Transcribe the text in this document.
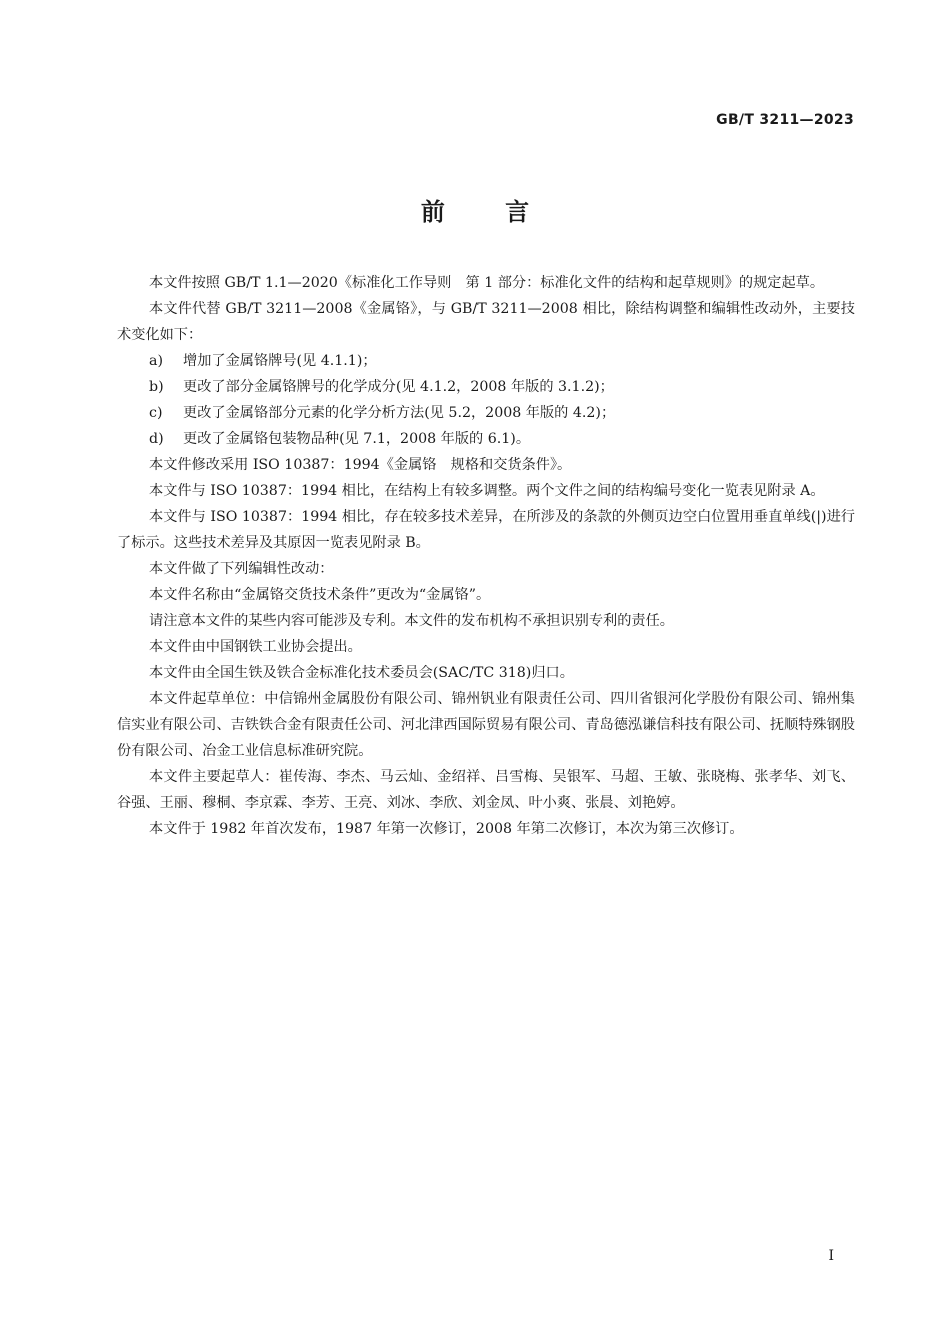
GB/T 3211—2023
前 言

本文件按照 GB/T 1.1—2020《标准化工作导则　第 1 部分：标准化文件的结构和起草规则》的规定起草。

本文件代替 GB/T 3211—2008《金属铬》，与 GB/T 3211—2008 相比，除结构调整和编辑性改动外，主要技术变化如下：

a) 增加了金属铬牌号(见 4.1.1)；
b) 更改了部分金属铬牌号的化学成分(见 4.1.2，2008 年版的 3.1.2)；
c) 更改了金属铬部分元素的化学分析方法(见 5.2，2008 年版的 4.2)；
d) 更改了金属铬包装物品种(见 7.1，2008 年版的 6.1)。

本文件修改采用 ISO 10387：1994《金属铬　规格和交货条件》。

本文件与 ISO 10387：1994 相比，在结构上有较多调整。两个文件之间的结构编号变化一览表见附录 A。

本文件与 ISO 10387：1994 相比，存在较多技术差异，在所涉及的条款的外侧页边空白位置用垂直单线(|)进行了标示。这些技术差异及其原因一览表见附录 B。

本文件做了下列编辑性改动：

本文件名称由“金属铬交货技术条件”更改为“金属铬”。

请注意本文件的某些内容可能涉及专利。本文件的发布机构不承担识别专利的责任。

本文件由中国钢铁工业协会提出。

本文件由全国生铁及铁合金标准化技术委员会(SAC/TC 318)归口。

本文件起草单位：中信锦州金属股份有限公司、锦州钒业有限责任公司、四川省银河化学股份有限公司、锦州集信实业有限公司、吉铁铁合金有限责任公司、河北津西国际贸易有限公司、青岛德泓谦信科技有限公司、抚顺特殊钢股份有限公司、冶金工业信息标准研究院。

本文件主要起草人：崔传海、李杰、马云灿、金绍祥、吕雪梅、吴银军、马超、王敏、张晓梅、张孝华、刘飞、谷强、王丽、穆桐、李京霖、李芳、王亮、刘冰、李欣、刘金凤、叶小爽、张晨、刘艳婷。

本文件于 1982 年首次发布，1987 年第一次修订，2008 年第二次修订，本次为第三次修订。

I
